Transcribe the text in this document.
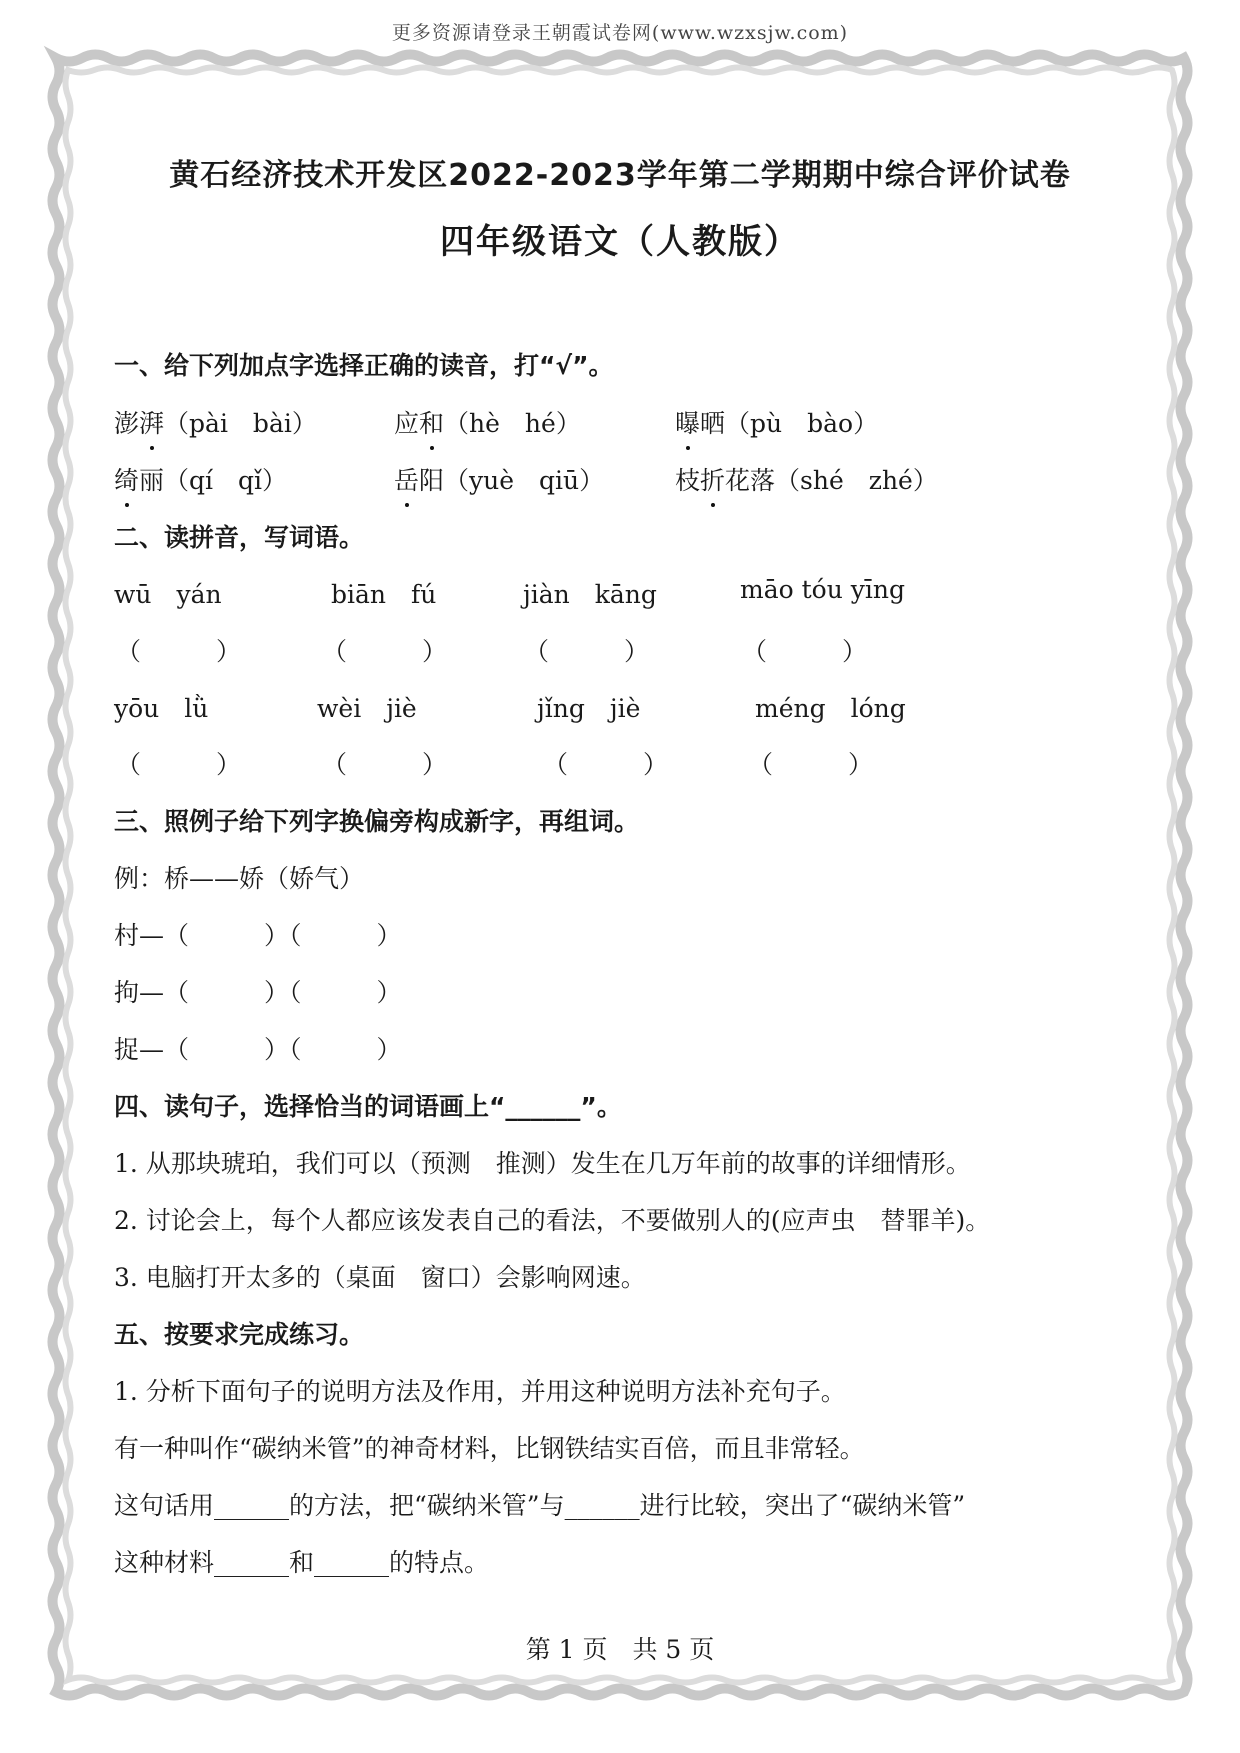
更多资源请登录王朝霞试卷网(www.wzxsjw.com)
黄石经济技术开发区2022-2023学年第二学期期中综合评价试卷
四年级语文（人教版）
一、给下列加点字选择正确的读音，打“√”。
澎湃（pài　bài）	应和（hè　hé）	曝晒（pù　bào）
绮丽（qí　qǐ）	岳阳（yuè　qiū）	枝折花落（shé　zhé）
二、读拼音，写词语。
wū　yán	biān　fú	jiàn　kāng	māo tóu yīng
（　　　）	（　　　）	（　　　）	（　　　）
yōu　lǜ	wèi　jiè	jǐng　jiè	méng　lóng
（　　　）	（　　　）	（　　　）	（　　　）
三、照例子给下列字换偏旁构成新字，再组词。
例：桥——娇（娇气）
村—（　　　）（　　　）
拘—（　　　）（　　　）
捉—（　　　）（　　　）
四、读句子，选择恰当的词语画上“______”。
1. 从那块琥珀，我们可以（预测　推测）发生在几万年前的故事的详细情形。
2. 讨论会上，每个人都应该发表自己的看法，不要做别人的(应声虫　替罪羊)。
3. 电脑打开太多的（桌面　窗口）会影响网速。
五、按要求完成练习。
1. 分析下面句子的说明方法及作用，并用这种说明方法补充句子。
有一种叫作“碳纳米管”的神奇材料，比钢铁结实百倍，而且非常轻。
这句话用______的方法，把“碳纳米管”与______进行比较，突出了“碳纳米管”
这种材料______和______的特点。
第 1 页　共 5 页
